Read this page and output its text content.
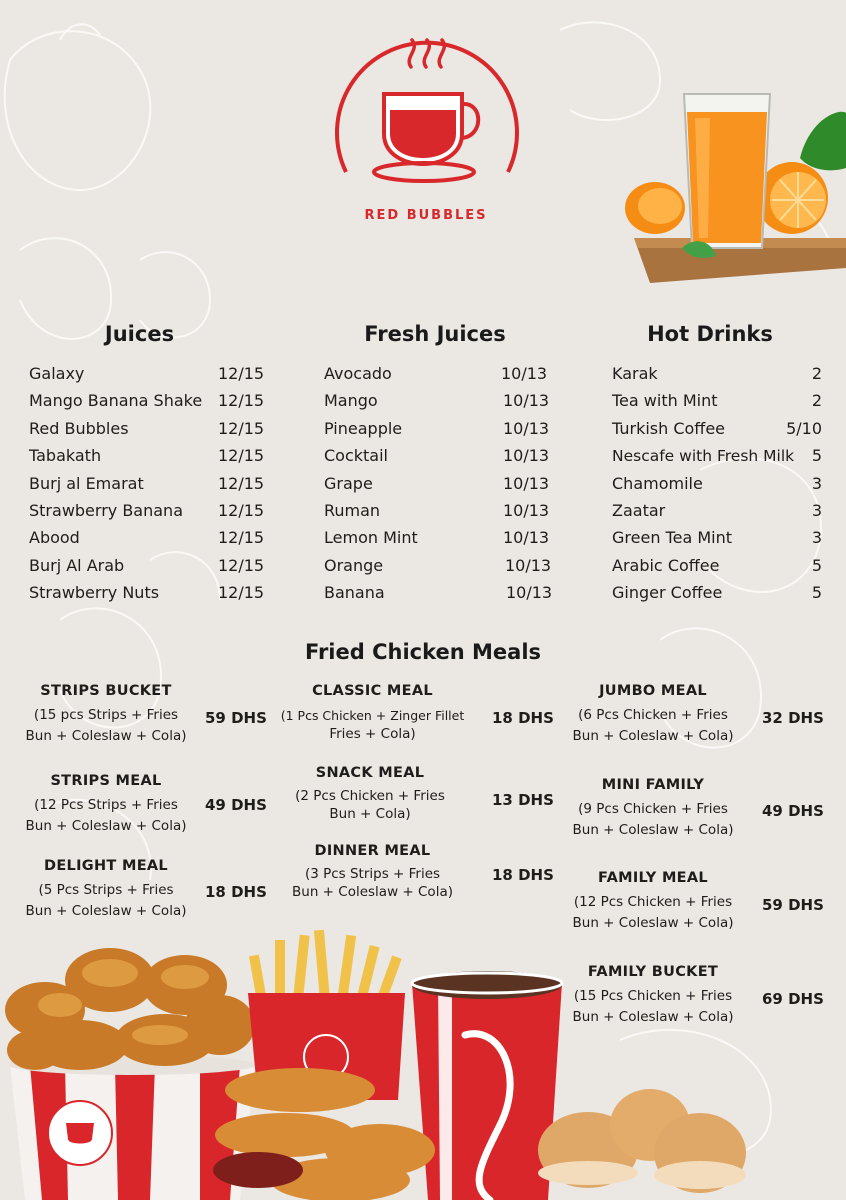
RED BUBBLES
Juices	Fresh Juices	Hot Drinks
Galaxy	12/15
Mango Banana Shake 12/15
Red Bubbles	12/15
Tabakath	12/15
Burj al Emarat	12/15
Strawberry Banana 12/15
Abood	12/15
Burj Al Arab	12/15
Strawberry Nuts	12/15
Avocado	10/13
Mango	10/13
Pineapple	10/13
Cocktail	10/13
Grape	10/13
Ruman	10/13
Lemon Mint	10/13
Orange	10/13
Banana	10/13
Karak	2
Tea with Mint	2
Turkish Coffee	5/10
Nescafe with Fresh Milk 5
Chamomile	3
Zaatar	3
Green Tea Mint	3
Arabic Coffee	5
Ginger Coffee	5
Fried Chicken Meals
STRIPS BUCKET
(15 pcs Strips + Fries
Bun + Coleslaw + Cola)
59 DHS
STRIPS MEAL
(12 Pcs Strips + Fries
Bun + Coleslaw + Cola)
49 DHS
DELIGHT MEAL
(5 Pcs Strips + Fries
Bun + Coleslaw + Cola)
18 DHS
CLASSIC MEAL
(1 Pcs Chicken + Zinger Fillet
Fries + Cola)
18 DHS
SNACK MEAL
(2 Pcs Chicken + Fries
Bun + Cola)
13 DHS
DINNER MEAL
(3 Pcs Strips + Fries
Bun + Coleslaw + Cola)
18 DHS
JUMBO MEAL
(6 Pcs Chicken + Fries
Bun + Coleslaw + Cola)
32 DHS
MINI FAMILY
(9 Pcs Chicken + Fries
Bun + Coleslaw + Cola)
49 DHS
FAMILY MEAL
(12 Pcs Chicken + Fries
Bun + Coleslaw + Cola)
59 DHS
FAMILY BUCKET
(15 Pcs Chicken + Fries
Bun + Coleslaw + Cola)
69 DHS
